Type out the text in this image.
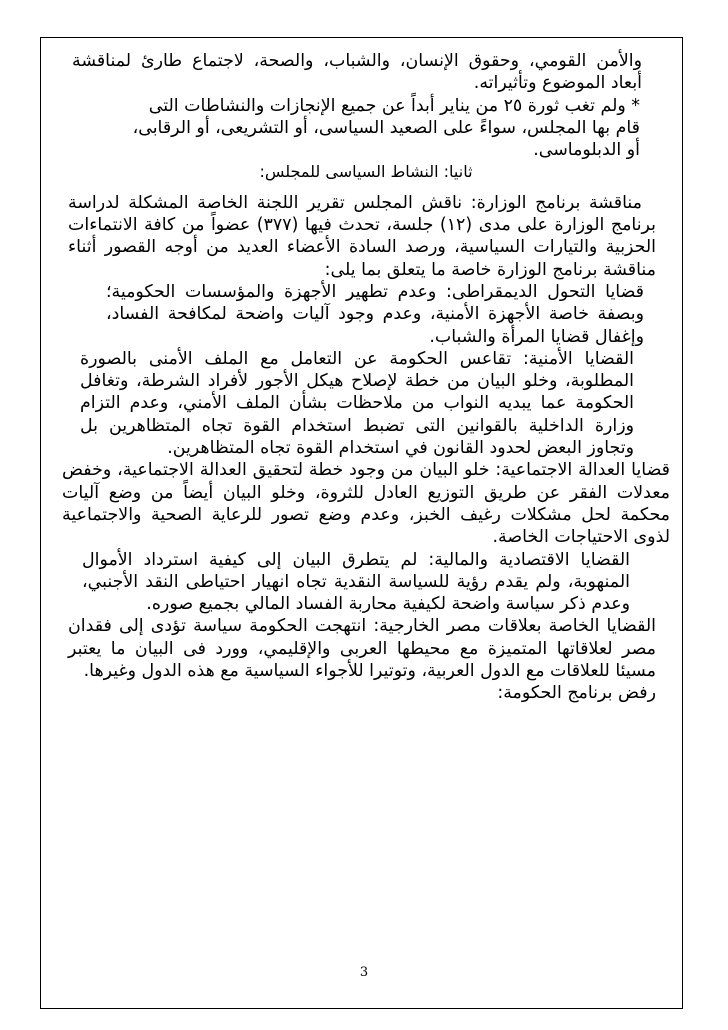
والأمن القومي، وحقوق الإنسان، والشباب، والصحة، لاجتماع طارئ لمناقشة أبعاد الموضوع وتأثيراته.

* ولم تغب ثورة ٢٥ من يناير أبداً عن جميع الإنجازات والنشاطات التى قام بها المجلس، سواءً على الصعيد السياسى، أو التشريعى، أو الرقابى، أو الدبلوماسى.

ثانيا: النشاط السياسى للمجلس:

مناقشة برنامج الوزارة: ناقش المجلس تقرير اللجنة الخاصة المشكلة لدراسة برنامج الوزارة على مدى (١٢) جلسة، تحدث فيها (٣٧٧) عضواً من كافة الانتماءات الحزبية والتيارات السياسية، ورصد السادة الأعضاء العديد من أوجه القصور أثناء مناقشة برنامج الوزارة خاصة ما يتعلق بما يلى:

قضايا التحول الديمقراطى: وعدم تطهير الأجهزة والمؤسسات الحكومية؛ وبصفة خاصة الأجهزة الأمنية، وعدم وجود آليات واضحة لمكافحة الفساد، وإغفال قضايا المرأة والشباب.

القضايا الأمنية: تقاعس الحكومة عن التعامل مع الملف الأمنى بالصورة المطلوبة، وخلو البيان من خطة لإصلاح هيكل الأجور لأفراد الشرطة، وتغافل الحكومة عما يبديه النواب من ملاحظات بشأن الملف الأمني، وعدم التزام وزارة الداخلية بالقوانين التى تضبط استخدام القوة تجاه المتظاهرين بل وتجاوز البعض لحدود القانون في استخدام القوة تجاه المتظاهرين.

قضايا العدالة الاجتماعية: خلو البيان من وجود خطة لتحقيق العدالة الاجتماعية، وخفض معدلات الفقر عن طريق التوزيع العادل للثروة، وخلو البيان أيضاً من وضع آليات محكمة لحل مشكلات رغيف الخبز، وعدم وضع تصور للرعاية الصحية والاجتماعية لذوى الاحتياجات الخاصة.

القضايا الاقتصادية والمالية: لم يتطرق البيان إلى كيفية استرداد الأموال المنهوبة، ولم يقدم رؤية للسياسة النقدية تجاه انهيار احتياطى النقد الأجنبي، وعدم ذكر سياسة واضحة لكيفية محاربة الفساد المالي بجميع صوره.

القضايا الخاصة بعلاقات مصر الخارجية: انتهجت الحكومة سياسة تؤدى إلى فقدان مصر لعلاقاتها المتميزة مع محيطها العربى والإقليمي، وورد فى البيان ما يعتبر مسيئا للعلاقات مع الدول العربية، وتوتيرا للأجواء السياسية مع هذه الدول وغيرها.

رفض برنامج الحكومة:

3
